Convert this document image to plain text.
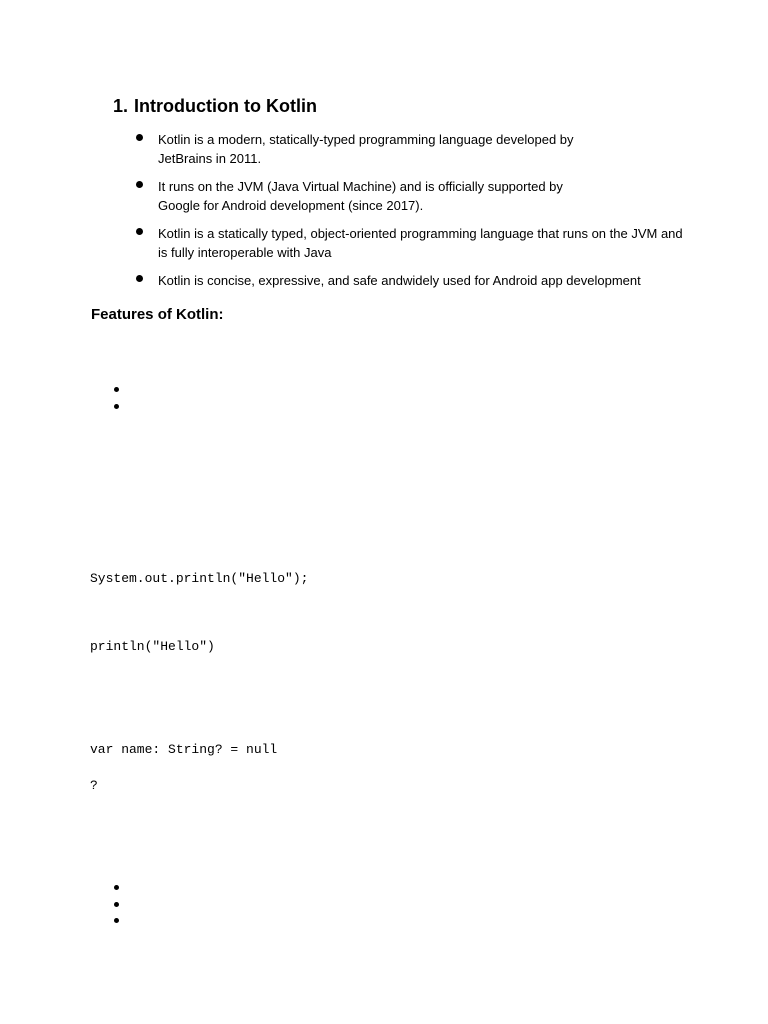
1. Introduction to Kotlin
Kotlin is a modern, statically-typed programming language developed by
JetBrains in 2011.
It runs on the JVM (Java Virtual Machine) and is officially supported by
Google for Android development (since 2017).
Kotlin is a statically typed, object-oriented programming language that runs on the JVM and
is fully interoperable with Java
Kotlin is concise, expressive, and safe andwidely used for Android app development
Features of Kotlin:
System.out.println("Hello");
println("Hello")
var name: String? = null
?
